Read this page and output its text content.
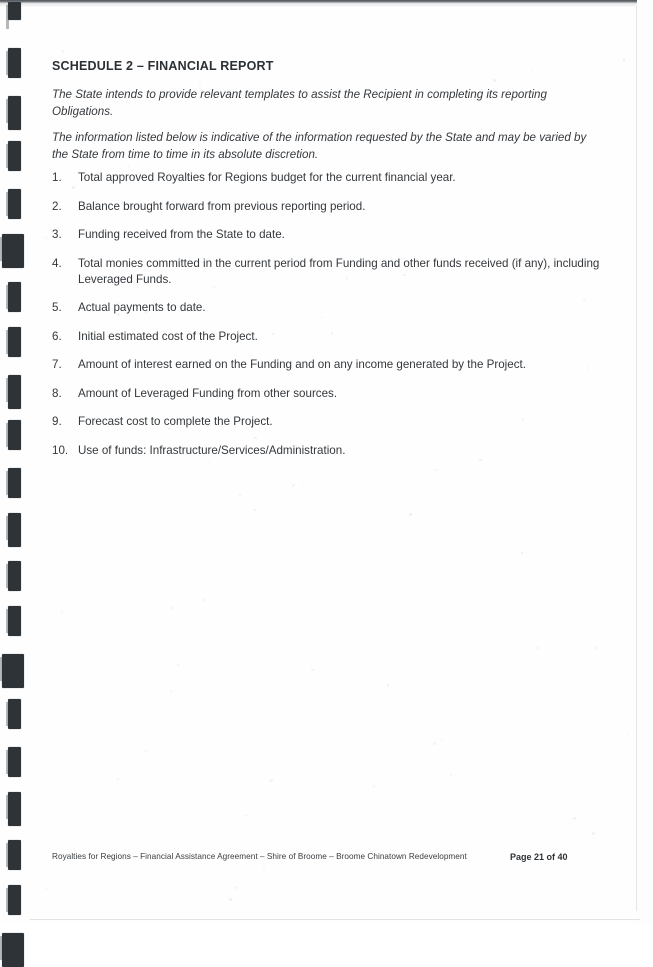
SCHEDULE 2 – FINANCIAL REPORT
The State intends to provide relevant templates to assist the Recipient in completing its reporting Obligations.
The information listed below is indicative of the information requested by the State and may be varied by the State from time to time in its absolute discretion.
1.	Total approved Royalties for Regions budget for the current financial year.
2.	Balance brought forward from previous reporting period.
3.	Funding received from the State to date.
4.	Total monies committed in the current period from Funding and other funds received (if any), including Leveraged Funds.
5.	Actual payments to date.
6.	Initial estimated cost of the Project.
7.	Amount of interest earned on the Funding and on any income generated by the Project.
8.	Amount of Leveraged Funding from other sources.
9.	Forecast cost to complete the Project.
10. Use of funds: Infrastructure/Services/Administration.
Royalties for Regions – Financial Assistance Agreement – Shire of Broome – Broome Chinatown Redevelopment	Page 21 of 40
